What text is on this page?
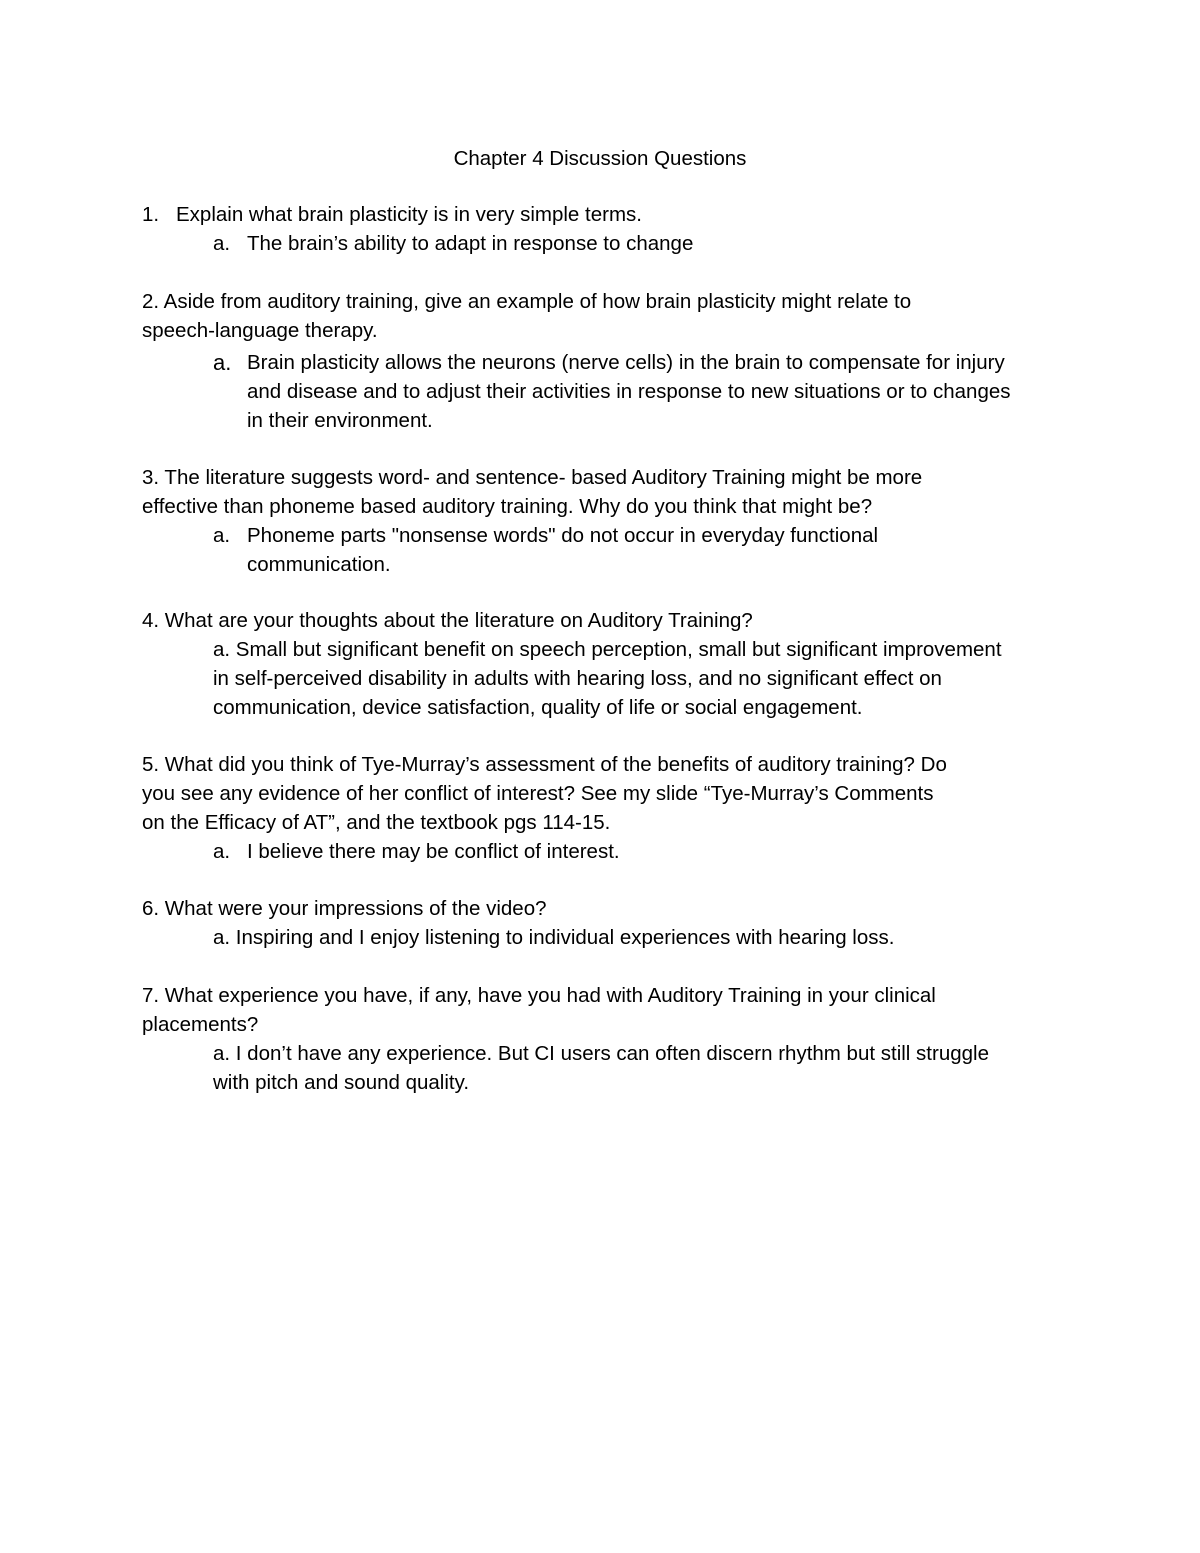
Chapter 4 Discussion Questions
1. Explain what brain plasticity is in very simple terms.
a. The brain’s ability to adapt in response to change
2. Aside from auditory training, give an example of how brain plasticity might relate to
speech-language therapy.
a. Brain plasticity allows the neurons (nerve cells) in the brain to compensate for injury
and disease and to adjust their activities in response to new situations or to changes
in their environment.
3. The literature suggests word- and sentence- based Auditory Training might be more
effective than phoneme based auditory training. Why do you think that might be?
a. Phoneme parts "nonsense words" do not occur in everyday functional
communication.
4. What are your thoughts about the literature on Auditory Training?
a. Small but significant benefit on speech perception, small but significant improvement
in self-perceived disability in adults with hearing loss, and no significant effect on
communication, device satisfaction, quality of life or social engagement.
5. What did you think of Tye-Murray’s assessment of the benefits of auditory training? Do
you see any evidence of her conflict of interest? See my slide “Tye-Murray’s Comments
on the Efficacy of AT”, and the textbook pgs 114-15.
a. I believe there may be conflict of interest.
6. What were your impressions of the video?
a. Inspiring and I enjoy listening to individual experiences with hearing loss.
7. What experience you have, if any, have you had with Auditory Training in your clinical
placements?
a. I don’t have any experience. But CI users can often discern rhythm but still struggle
with pitch and sound quality.
